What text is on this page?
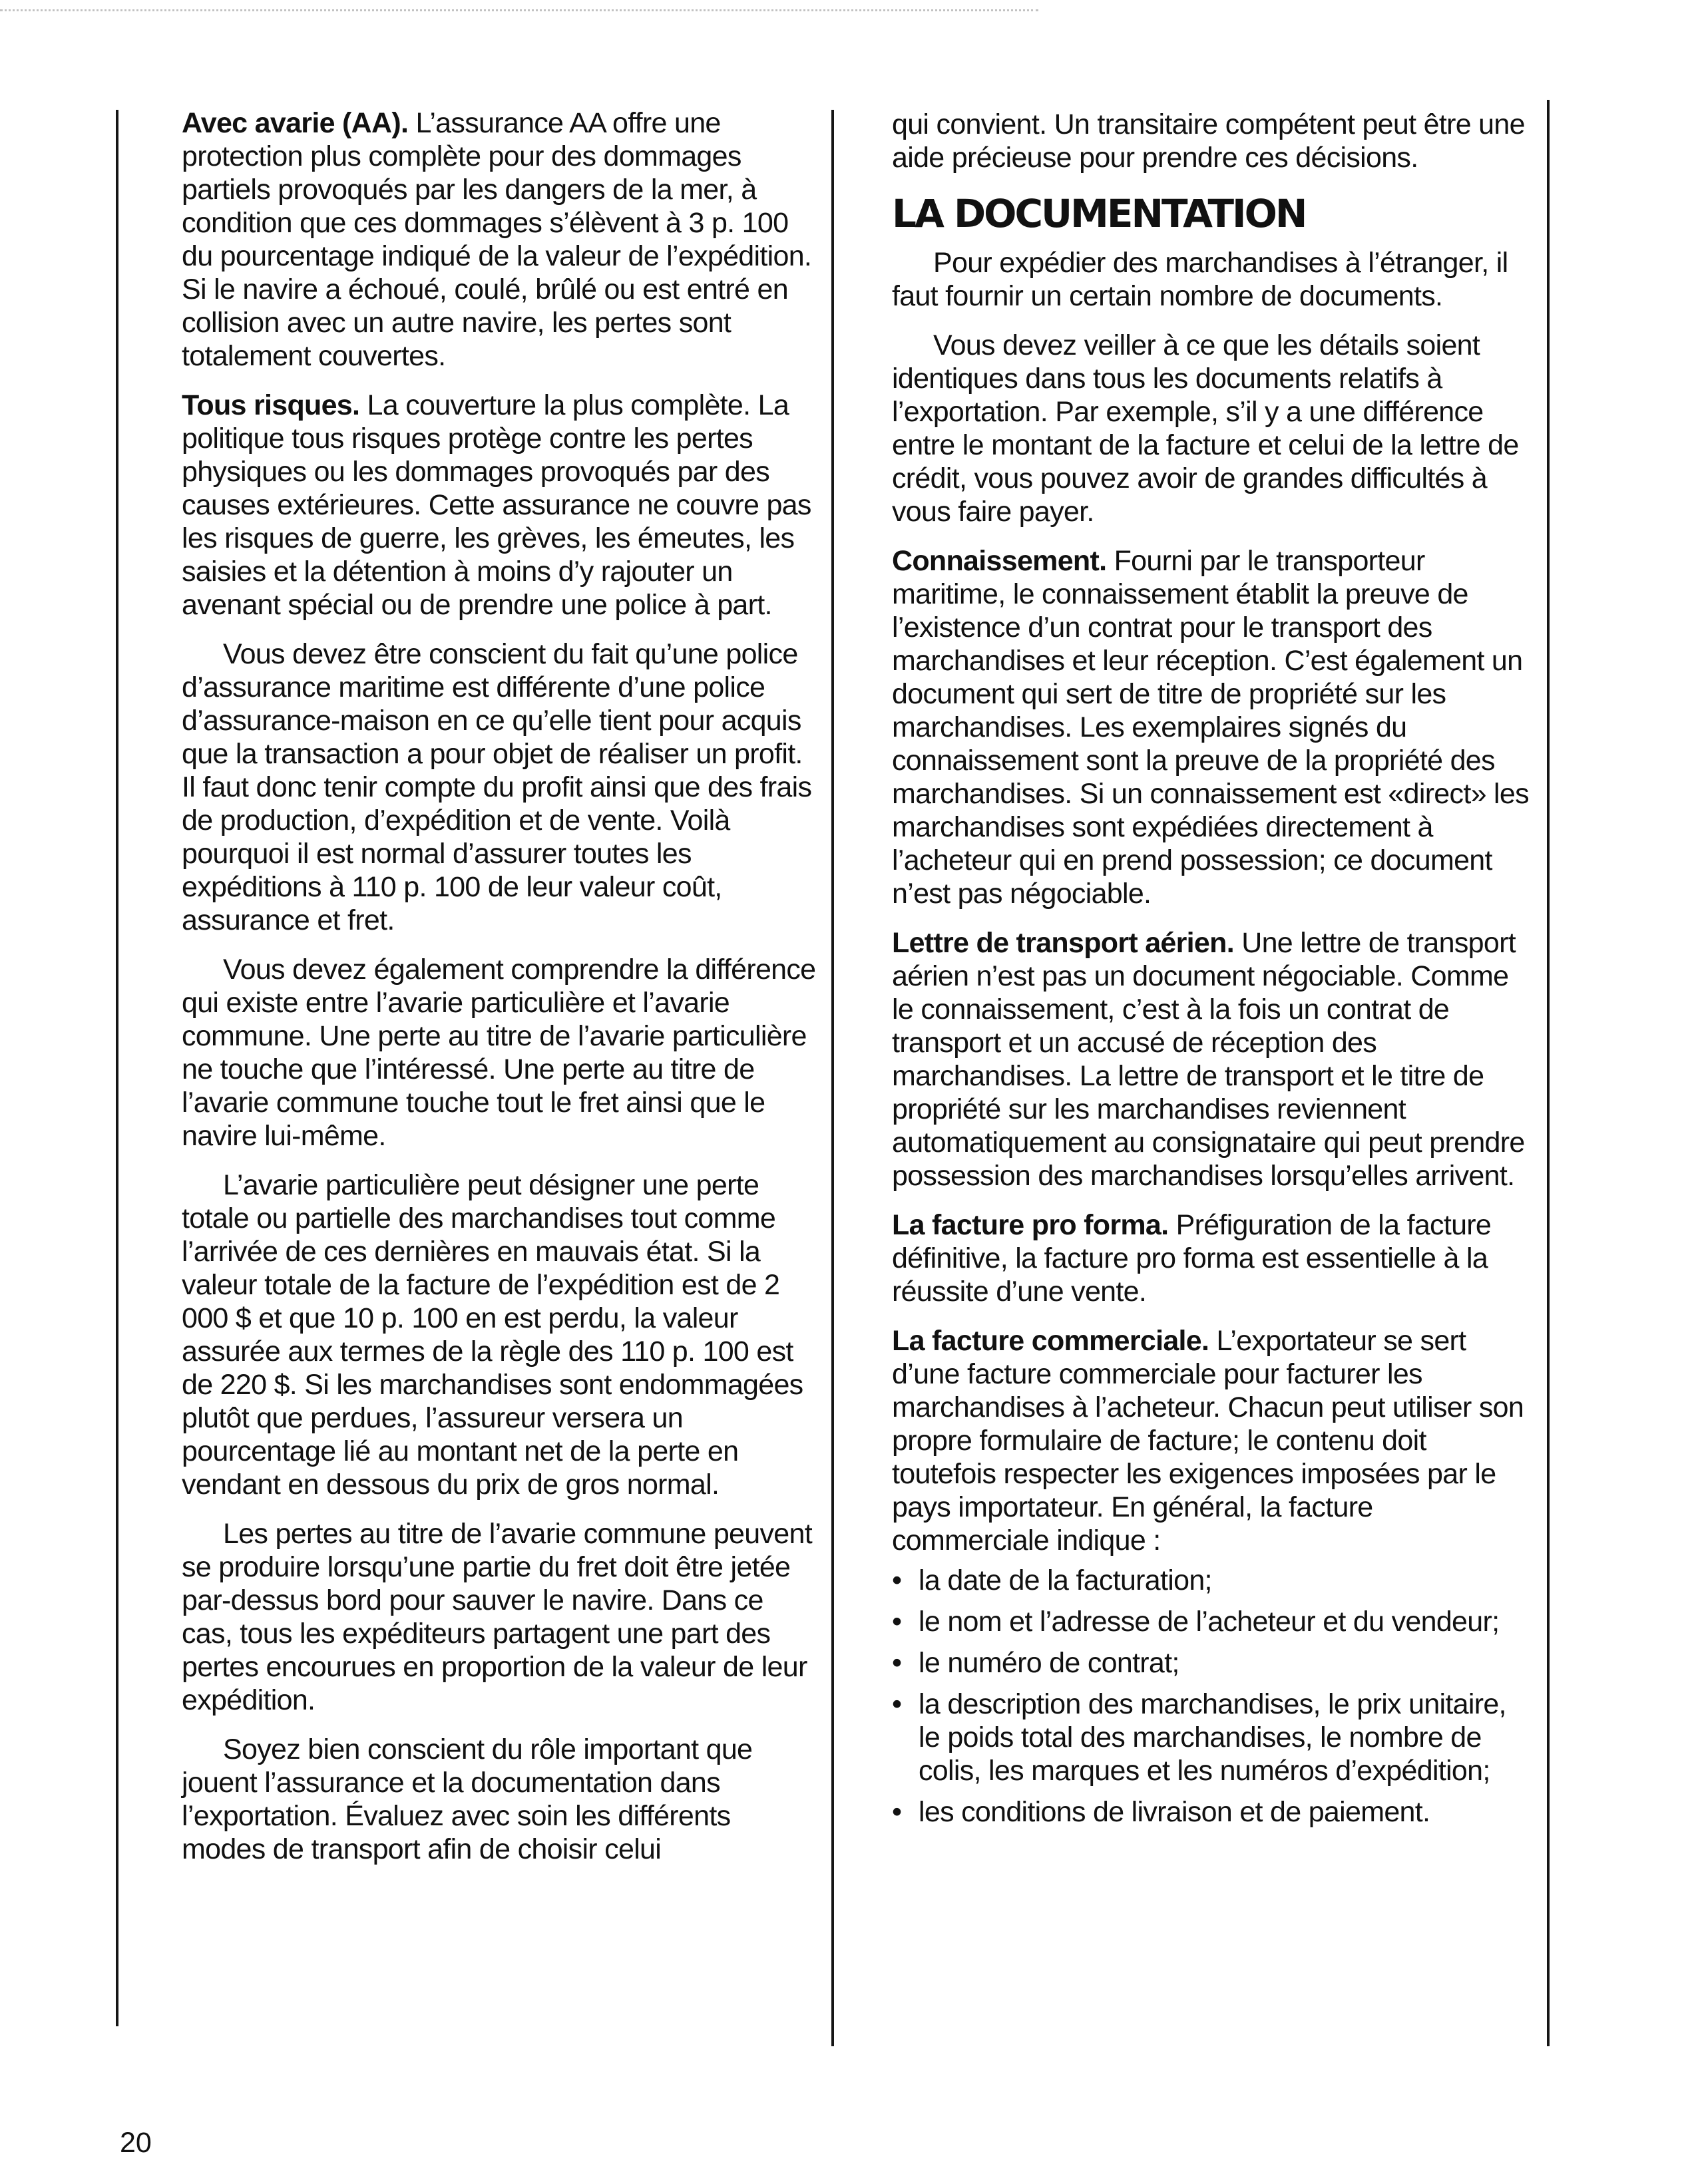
Avec avarie (AA). L’assurance AA offre une protection plus complète pour des dommages partiels provoqués par les dangers de la mer, à condition que ces dommages s’élèvent à 3 p. 100 du pourcentage indiqué de la valeur de l’expédition. Si le navire a échoué, coulé, brûlé ou est entré en collision avec un autre navire, les pertes sont totalement couvertes.

Tous risques. La couverture la plus complète. La politique tous risques protège contre les pertes physiques ou les dommages provoqués par des causes extérieures. Cette assurance ne couvre pas les risques de guerre, les grèves, les émeutes, les saisies et la détention à moins d’y rajouter un avenant spécial ou de prendre une police à part.

Vous devez être conscient du fait qu’une police d’assurance maritime est différente d’une police d’assurance-maison en ce qu’elle tient pour acquis que la transaction a pour objet de réaliser un profit. Il faut donc tenir compte du profit ainsi que des frais de production, d’expédition et de vente. Voilà pourquoi il est normal d’assurer toutes les expéditions à 110 p. 100 de leur valeur coût, assurance et fret.

Vous devez également comprendre la différence qui existe entre l’avarie particulière et l’avarie commune. Une perte au titre de l’avarie particulière ne touche que l’intéressé. Une perte au titre de l’avarie commune touche tout le fret ainsi que le navire lui-même.

L’avarie particulière peut désigner une perte totale ou partielle des marchandises tout comme l’arrivée de ces dernières en mauvais état. Si la valeur totale de la facture de l’expédition est de 2 000 $ et que 10 p. 100 en est perdu, la valeur assurée aux termes de la règle des 110 p. 100 est de 220 $. Si les marchandises sont endommagées plutôt que perdues, l’assureur versera un pourcentage lié au montant net de la perte en vendant en dessous du prix de gros normal.

Les pertes au titre de l’avarie commune peuvent se produire lorsqu’une partie du fret doit être jetée par-dessus bord pour sauver le navire. Dans ce cas, tous les expéditeurs partagent une part des pertes encourues en proportion de la valeur de leur expédition.

Soyez bien conscient du rôle important que jouent l’assurance et la documentation dans l’exportation. Évaluez avec soin les différents modes de transport afin de choisir celui

qui convient. Un transitaire compétent peut être une aide précieuse pour prendre ces décisions.

LA DOCUMENTATION

Pour expédier des marchandises à l’étranger, il faut fournir un certain nombre de documents.

Vous devez veiller à ce que les détails soient identiques dans tous les documents relatifs à l’exportation. Par exemple, s’il y a une différence entre le montant de la facture et celui de la lettre de crédit, vous pouvez avoir de grandes difficultés à vous faire payer.

Connaissement. Fourni par le transporteur maritime, le connaissement établit la preuve de l’existence d’un contrat pour le transport des marchandises et leur réception. C’est également un document qui sert de titre de propriété sur les marchandises. Les exemplaires signés du connaissement sont la preuve de la propriété des marchandises. Si un connaissement est «direct» les marchandises sont expédiées directement à l’acheteur qui en prend possession; ce document n’est pas négociable.

Lettre de transport aérien. Une lettre de transport aérien n’est pas un document négociable. Comme le connaissement, c’est à la fois un contrat de transport et un accusé de réception des marchandises. La lettre de transport et le titre de propriété sur les marchandises reviennent automatiquement au consignataire qui peut prendre possession des marchandises lorsqu’elles arrivent.

La facture pro forma. Préfiguration de la facture définitive, la facture pro forma est essentielle à la réussite d’une vente.

La facture commerciale. L’exportateur se sert d’une facture commerciale pour facturer les marchandises à l’acheteur. Chacun peut utiliser son propre formulaire de facture; le contenu doit toutefois respecter les exigences imposées par le pays importateur. En général, la facture commerciale indique :

• la date de la facturation;
• le nom et l’adresse de l’acheteur et du vendeur;
• le numéro de contrat;
• la description des marchandises, le prix unitaire, le poids total des marchandises, le nombre de colis, les marques et les numéros d’expédition;
• les conditions de livraison et de paiement.
20
